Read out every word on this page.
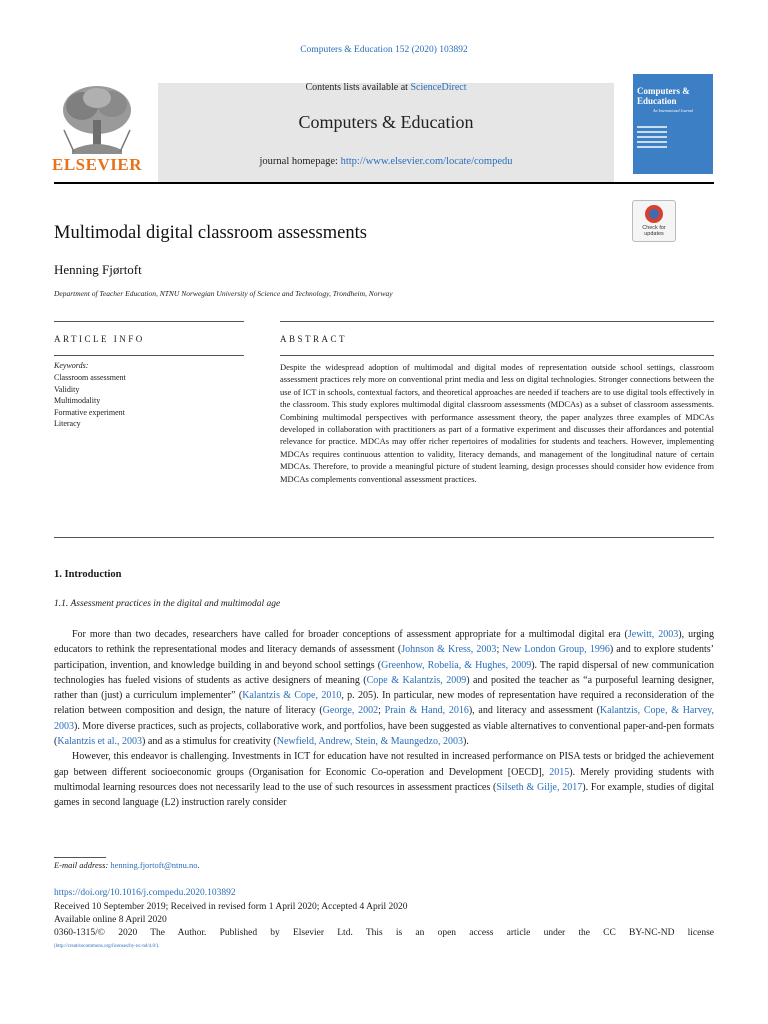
Computers & Education 152 (2020) 103892
Contents lists available at ScienceDirect
Computers & Education
journal homepage: http://www.elsevier.com/locate/compedu
ELSEVIER
Computers & Education
An International Journal
Check for updates
Multimodal digital classroom assessments
Henning Fjørtoft
Department of Teacher Education, NTNU Norwegian University of Science and Technology, Trondheim, Norway
ARTICLE INFO	ABSTRACT
Keywords:
Classroom assessment
Validity
Multimodality
Formative experiment
Literacy
Despite the widespread adoption of multimodal and digital modes of representation outside school settings, classroom assessment practices rely more on conventional print media and less on digital technologies. Stronger connections between the use of ICT in schools, contextual factors, and theoretical approaches are needed if teachers are to use digital tools effectively in the classroom. This study explores multimodal digital classroom assessments (MDCAs) as a subset of classroom assessments. Combining multimodal perspectives with performance assessment theory, the paper analyzes three examples of MDCAs developed in collaboration with practitioners as part of a formative experiment and discusses their affordances and potential relevance for practice. MDCAs may offer richer repertoires of modalities for students and teachers. However, implementing MDCAs requires continuous attention to validity, literacy demands, and management of the longitudinal nature of certain MDCAs. Therefore, to provide a meaningful picture of student learning, design processes should consider how evidence from MDCAs complements conventional assessment practices.
1. Introduction
1.1. Assessment practices in the digital and multimodal age

For more than two decades, researchers have called for broader conceptions of assessment appropriate for a multimodal digital era (Jewitt, 2003), urging educators to rethink the representational modes and literacy demands of assessment (Johnson & Kress, 2003; New London Group, 1996) and to explore students’ participation, invention, and knowledge building in and beyond school settings (Greenhow, Robelia, & Hughes, 2009). The rapid dispersal of new communication technologies has fueled visions of students as active designers of meaning (Cope & Kalantzis, 2009) and posited the teacher as “a purposeful learning designer, rather than (just) a curriculum implementer” (Kalantzis & Cope, 2010, p. 205). In particular, new modes of representation have required a reconsideration of the relation between composition and design, the nature of literacy (George, 2002; Prain & Hand, 2016), and literacy and assessment (Kalantzis, Cope, & Harvey, 2003). More diverse practices, such as projects, collaborative work, and portfolios, have been suggested as viable alternatives to conventional paper-and-pen formats (Kalantzis et al., 2003) and as a stimulus for creativity (Newfield, Andrew, Stein, & Maungedzo, 2003).

However, this endeavor is challenging. Investments in ICT for education have not resulted in increased performance on PISA tests or bridged the achievement gap between different socioeconomic groups (Organisation for Economic Co-operation and Development [OECD], 2015). Merely providing students with multimodal learning resources does not necessarily lead to the use of such resources in assessment practices (Silseth & Gilje, 2017). For example, studies of digital games in second language (L2) instruction rarely consider

E-mail address: henning.fjortoft@ntnu.no.
https://doi.org/10.1016/j.compedu.2020.103892
Received 10 September 2019; Received in revised form 1 April 2020; Accepted 4 April 2020
Available online 8 April 2020
0360-1315/© 2020 The Author. Published by Elsevier Ltd. This is an open access article under the CC BY-NC-ND license
(http://creativecommons.org/licenses/by-nc-nd/4.0/).
